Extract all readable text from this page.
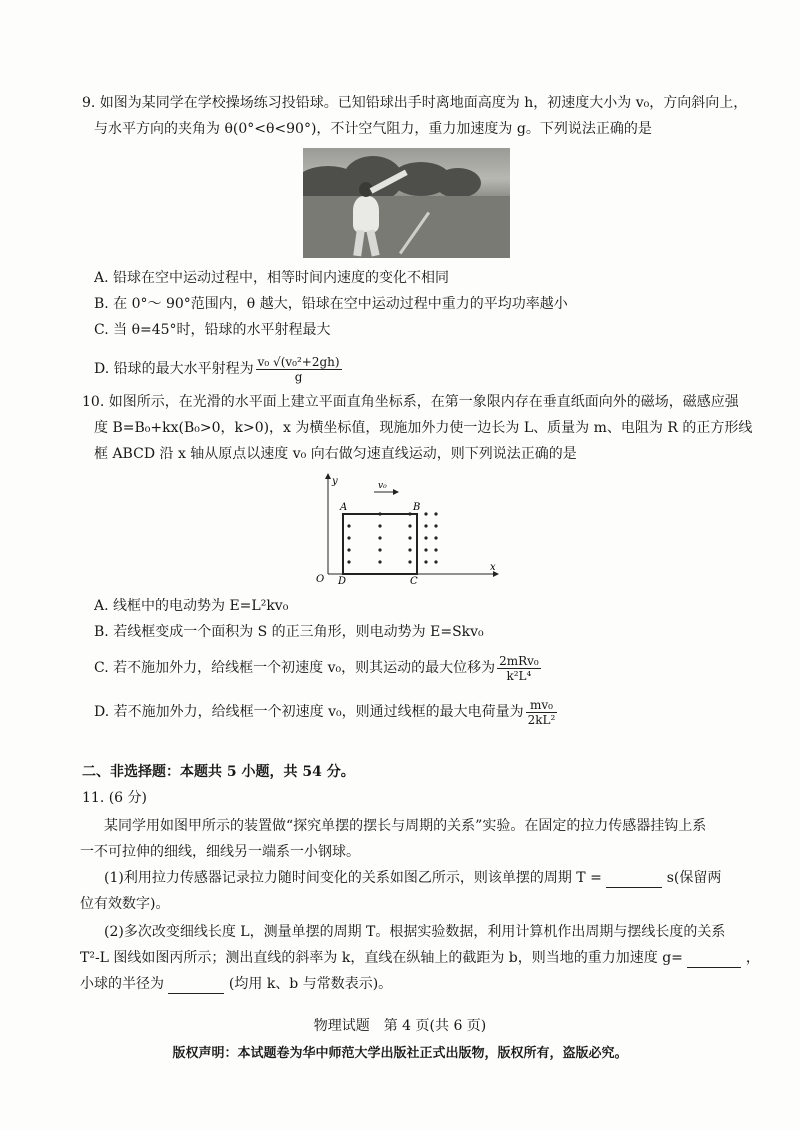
9. 如图为某同学在学校操场练习投铅球。已知铅球出手时离地面高度为 h，初速度大小为 v₀，方向斜向上，
与水平方向的夹角为 θ(0°<θ<90°)，不计空气阻力，重力加速度为 g。下列说法正确的是
A. 铅球在空中运动过程中，相等时间内速度的变化不相同
B. 在 0°～ 90°范围内，θ 越大，铅球在空中运动过程中重力的平均功率越小
C. 当 θ=45°时，铅球的水平射程最大
D. 铅球的最大水平射程为 $\frac{\text{v₀ √(v₀²+2gh)}}{g}$
10. 如图所示，在光滑的水平面上建立平面直角坐标系，在第一象限内存在垂直纸面向外的磁场，磁感应强
度 B=B₀+kx(B₀>0，k>0)，x 为横坐标值，现施加外力使一边长为 L、质量为 m、电阻为 R 的正方形线
框 ABCD 沿 x 轴从原点以速度 v₀ 向右做匀速直线运动，则下列说法正确的是
y
x
O
A	B
C
D
v₀
A. 线框中的电动势为 E=L²kv₀
B. 若线框变成一个面积为 S 的正三角形，则电动势为 E=Skv₀
C. 若不施加外力，给线框一个初速度 v₀，则其运动的最大位移为 $\frac{\text{2mRv₀}}{\text{k²L⁴}}$
D. 若不施加外力，给线框一个初速度 v₀，则通过线框的最大电荷量为 $\frac{\text{mv₀}}{\text{2kL²}}$
二、非选择题：本题共 5 小题，共 54 分。
11. (6 分)
某同学用如图甲所示的装置做“探究单摆的摆长与周期的关系”实验。在固定的拉力传感器挂钩上系
一不可拉伸的细线，细线另一端系一小钢球。
(1)利用拉力传感器记录拉力随时间变化的关系如图乙所示，则该单摆的周期 T =	s(保留两
位有效数字)。
(2)多次改变细线长度 L，测量单摆的周期 T。根据实验数据，利用计算机作出周期与摆线长度的关系
T²-L 图线如图丙所示；测出直线的斜率为 k，直线在纵轴上的截距为 b，则当地的重力加速度 g=	，
小球的半径为	(均用 k、b 与常数表示)。
物理试题　第 4 页(共 6 页)
版权声明：本试题卷为华中师范大学出版社正式出版物，版权所有，盗版必究。
